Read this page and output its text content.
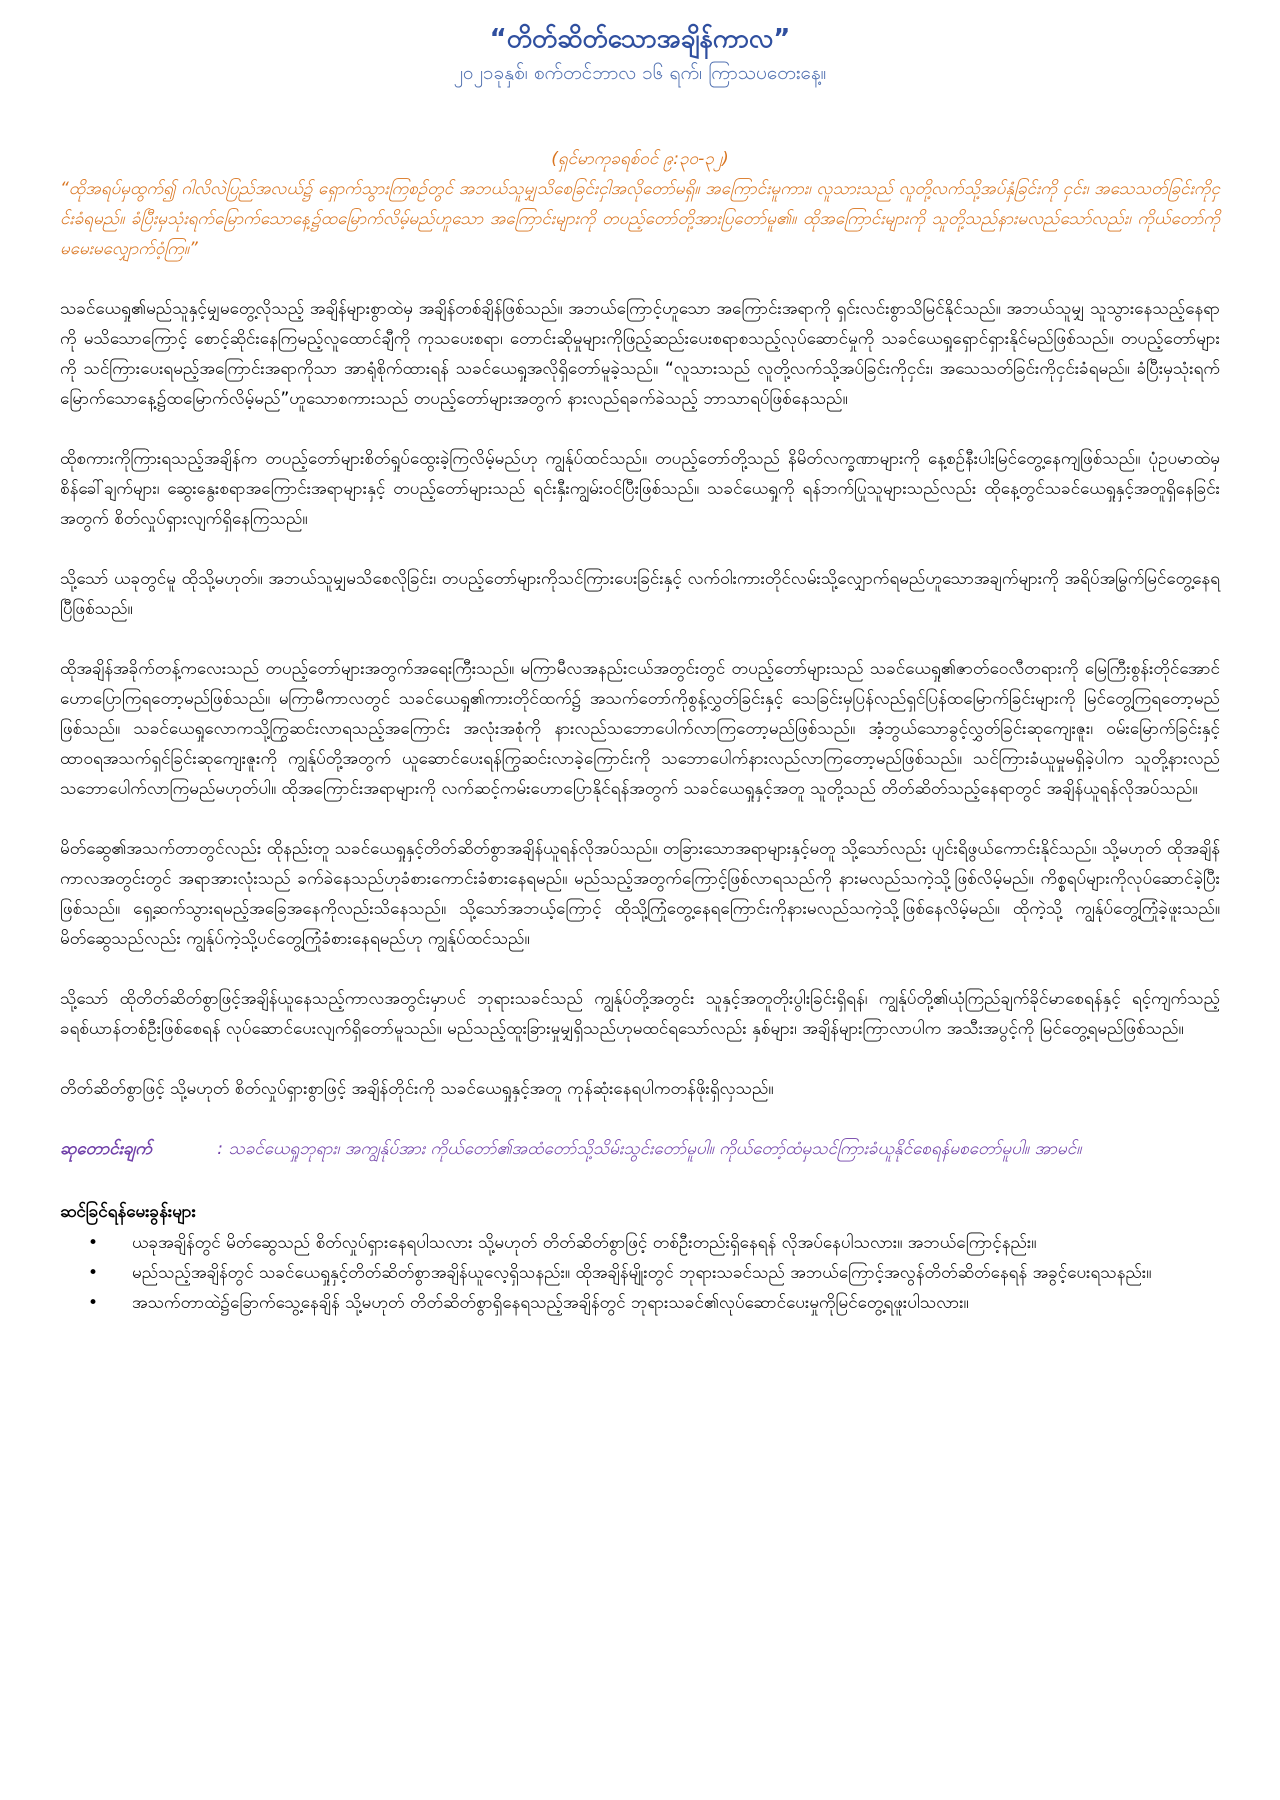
“တိတ်ဆိတ်သောအချိန်ကာလ”
၂၀၂၁ခုနှစ်၊ စက်တင်ဘာလ ၁၆ ရက်၊ ကြာသပတေးနေ့။
(ရှင်မာကုခရစ်ဝင် ၉:၃၀-၃၂)
“ထိုအရပ်မှထွက်၍ ဂါလိလဲပြည်အလယ်၌ ရှောက်သွားကြစဉ်တွင် အဘယ်သူမျှသိစေခြင်းငှါအလိုတော်မရှိ။ အကြောင်းမူကား၊ လူသားသည် လူတို့လက်သို့အပ်နှံခြင်းကို ငှင်း၊ အသေသတ်ခြင်းကိုငှင်းခံရမည်။ ခံပြီးမှသုံးရက်မြောက်သောနေ့၌ထမြောက်လိမ့်မည်ဟူသော အကြောင်းများကို တပည့်တော်တို့အားပြတော်မူ၏။ ထိုအကြောင်းများကို သူတို့သည်နားမလည်သော်လည်း၊ ကိုယ်တော်ကိုမမေးမလျှောက်ဝံ့ကြ။”

သခင်ယေရှု၏မည်သူနှင့်မျှမတွေ့လိုသည့် အချိန်များစွာထဲမှ အချိန်တစ်ချိန်ဖြစ်သည်။ အဘယ်ကြောင့်ဟူသော အကြောင်းအရာကို ရှင်းလင်းစွာသိမြင်နိုင်သည်။ အဘယ်သူမျှ သူသွားနေသည့်နေရာကို မသိသောကြောင့် စောင့်ဆိုင်းနေကြမည့်လူထောင်ချီကို ကုသပေးစရာ၊ တောင်းဆိုမှုများကိုဖြည့်ဆည်းပေးစရာစသည့်လုပ်ဆောင်မှုကို သခင်ယေရှုရှောင်ရှားနိုင်မည်ဖြစ်သည်။ တပည့်တော်များကို သင်ကြားပေးရမည့်အကြောင်းအရာကိုသာ အာရုံစိုက်ထားရန် သခင်ယေရှုအလိုရှိတော်မူခဲ့သည်။ “လူသားသည် လူတို့လက်သို့အပ်ခြင်းကိုငှင်း၊ အသေသတ်ခြင်းကိုငှင်းခံရမည်။ ခံပြီးမှသုံးရက်မြောက်သောနေ့၌ထမြောက်လိမ့်မည်”ဟူသောစကားသည် တပည့်တော်များအတွက် နားလည်ရခက်ခဲသည့် ဘာသာရပ်ဖြစ်နေသည်။

ထိုစကားကိုကြားရသည့်အချိန်က တပည့်တော်များစိတ်ရှုပ်ထွေးခဲ့ကြလိမ့်မည်ဟု ကျွန်ုပ်ထင်သည်။ တပည့်တော်တို့သည် နိမိတ်လက္ခဏာများကို နေ့စဉ်နီးပါးမြင်တွေ့နေကျဖြစ်သည်။ ပုံဥပမာထဲမှ စိန်ခေါ်ချက်များ၊ ဆွေးနွေးစရာအကြောင်းအရာများနှင့် တပည့်တော်များသည် ရင်းနှီးကျွမ်းဝင်ပြီးဖြစ်သည်။ သခင်ယေရှုကို ရန်ဘက်ပြုသူများသည်လည်း ထိုနေ့တွင်သခင်ယေရှုနှင့်အတူရှိနေခြင်းအတွက် စိတ်လှုပ်ရှားလျက်ရှိနေကြသည်။

သို့သော် ယခုတွင်မူ ထိုသို့မဟုတ်။ အဘယ်သူမျှမသိစေလိုခြင်း၊ တပည့်တော်များကိုသင်ကြားပေးခြင်းနှင့် လက်ဝါးကားတိုင်လမ်းသို့လျှောက်ရမည်ဟူသောအချက်များကို အရိပ်အမြွက်မြင်တွေ့နေရပြီဖြစ်သည်။

ထိုအချိန်အခိုက်တန့်ကလေးသည် တပည့်တော်များအတွက်အရေးကြီးသည်။ မကြာမီလအနည်းငယ်အတွင်းတွင် တပည့်တော်များသည် သခင်ယေရှု၏ဇာတ်ဝေလီတရားကို မြေကြီးစွန်းတိုင်အောင်ဟောပြောကြရတော့မည်ဖြစ်သည်။ မကြာမီကာလတွင် သခင်ယေရှု၏ကားတိုင်ထက်၌ အသက်တော်ကိုစွန့်လွှတ်ခြင်းနှင့် သေခြင်းမှပြန်လည်ရှင်ပြန်ထမြောက်ခြင်းများကို မြင်တွေ့ကြရတော့မည်ဖြစ်သည်။ သခင်ယေရှုလောကသို့ကြွဆင်းလာရသည့်အကြောင်း အလုံးအစုံကို နားလည်သဘောပေါက်လာကြတော့မည်ဖြစ်သည်။ အံ့ဘွယ်သောခွင့်လွှတ်ခြင်းဆုကျေးဇူး၊ ဝမ်းမြောက်ခြင်းနှင့် ထာဝရအသက်ရှင်ခြင်းဆုကျေးဇူးကို ကျွန်ုပ်တို့အတွက် ယူဆောင်ပေးရန်ကြွဆင်းလာခဲ့ကြောင်းကို သဘောပေါက်နားလည်လာကြတော့မည်ဖြစ်သည်။ သင်ကြားခံယူမှုမရှိခဲ့ပါက သူတို့နားလည်သဘောပေါက်လာကြမည်မဟုတ်ပါ။ ထိုအကြောင်းအရာများကို လက်ဆင့်ကမ်းဟောပြောနိုင်ရန်အတွက် သခင်ယေရှုနှင့်အတူ သူတို့သည် တိတ်ဆိတ်သည့်နေရာတွင် အချိန်ယူရန်လိုအပ်သည်။

မိတ်ဆွေ၏အသက်တာတွင်လည်း ထိုနည်းတူ သခင်ယေရှုနှင့်တိတ်ဆိတ်စွာအချိန်ယူရန်လိုအပ်သည်။ တခြားသောအရာများနှင့်မတူ သို့သော်လည်း ပျင်းရိဖွယ်ကောင်းနိုင်သည်။ သို့မဟုတ် ထိုအချိန်ကာလအတွင်းတွင် အရာအားလုံးသည် ခက်ခဲနေသည်ဟုခံစားကောင်းခံစားနေရမည်။ မည်သည့်အတွက်ကြောင့်ဖြစ်လာရသည်ကို နားမလည်သကဲ့သို့ဖြစ်လိမ့်မည်။ ကိစ္စရပ်များကိုလုပ်ဆောင်ခဲ့ပြီးဖြစ်သည်။ ရှေ့ဆက်သွားရမည့်အခြေအနေကိုလည်းသိနေသည်။ သို့သော်အဘယ့်ကြောင့် ထိုသို့ကြုံတွေ့နေရကြောင်းကိုနားမလည်သကဲ့သို့ဖြစ်နေလိမ့်မည်။ ထိုကဲ့သို့ ကျွန်ုပ်တွေ့ကြုံခဲ့ဖူးသည်။ မိတ်ဆွေသည်လည်း ကျွန်ုပ်ကဲ့သို့ပင်တွေ့ကြုံခံစားနေရမည်ဟု ကျွန်ုပ်ထင်သည်။

သို့သော် ထိုတိတ်ဆိတ်စွာဖြင့်အချိန်ယူနေသည့်ကာလအတွင်းမှာပင် ဘုရားသခင်သည် ကျွန်ုပ်တို့အတွင်း သူနှင့်အတူတိုးပွါးခြင်းရှိရန်၊ ကျွန်ုပ်တို့၏ယုံကြည်ချက်ခိုင်မာစေရန်နှင့် ရင့်ကျက်သည့်ခရစ်ယာန်တစ်ဦးဖြစ်စေရန် လုပ်ဆောင်ပေးလျက်ရှိတော်မူသည်။ မည်သည့်ထူးခြားမှုမျှရှိသည်ဟုမထင်ရသော်လည်း နှစ်များ၊ အချိန်များကြာလာပါက အသီးအပွင့်ကို မြင်တွေ့ရမည်ဖြစ်သည်။

တိတ်ဆိတ်စွာဖြင့် သို့မဟုတ် စိတ်လှုပ်ရှားစွာဖြင့် အချိန်တိုင်းကို သခင်ယေရှုနှင့်အတူ ကုန်ဆုံးနေရပါကတန်ဖိုးရှိလှသည်။

ဆုတောင်းချက်	: သခင်ယေရှုဘုရား၊ အကျွန်ုပ်အား ကိုယ်တော်၏အထံတော်သို့သိမ်းသွင်းတော်မူပါ။ ကိုယ်တော့်ထံမှသင်ကြားခံယူနိုင်စေရန်မစတော်မူပါ။ အာမင်။
ဆင်ခြင်ရန်မေးခွန်းများ
•	ယခုအချိန်တွင် မိတ်ဆွေသည် စိတ်လှုပ်ရှားနေရပါသလား သို့မဟုတ် တိတ်ဆိတ်စွာဖြင့် တစ်ဦးတည်းရှိနေရန် လိုအပ်နေပါသလား။ အဘယ်ကြောင့်နည်း။
•	မည်သည့်အချိန်တွင် သခင်ယေရှုနှင့်တိတ်ဆိတ်စွာအချိန်ယူလေ့ရှိသနည်း။ ထိုအချိန်မျိုးတွင် ဘုရားသခင်သည် အဘယ်ကြောင့်အလွန်တိတ်ဆိတ်နေရန် အခွင့်ပေးရသနည်း။
•	အသက်တာထဲ၌ခြောက်သွေ့နေချိန် သို့မဟုတ် တိတ်ဆိတ်စွာရှိနေရသည့်အချိန်တွင် ဘုရားသခင်၏လုပ်ဆောင်ပေးမှုကိုမြင်တွေ့ရဖူးပါသလား။
